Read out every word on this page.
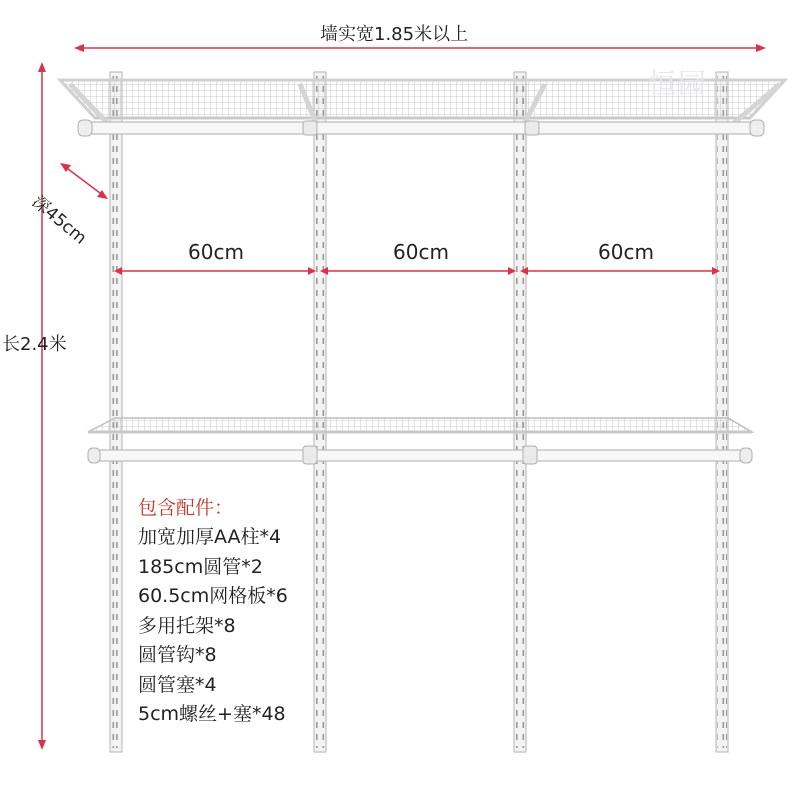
恒园
墙实宽1.85米以上
深45cm
长2.4米
60cm	60cm	60cm
包含配件：
加宽加厚AA柱*4
185cm圆管*2
60.5cm网格板*6
多用托架*8
圆管钩*8
圆管塞*4
5cm螺丝+塞*48
